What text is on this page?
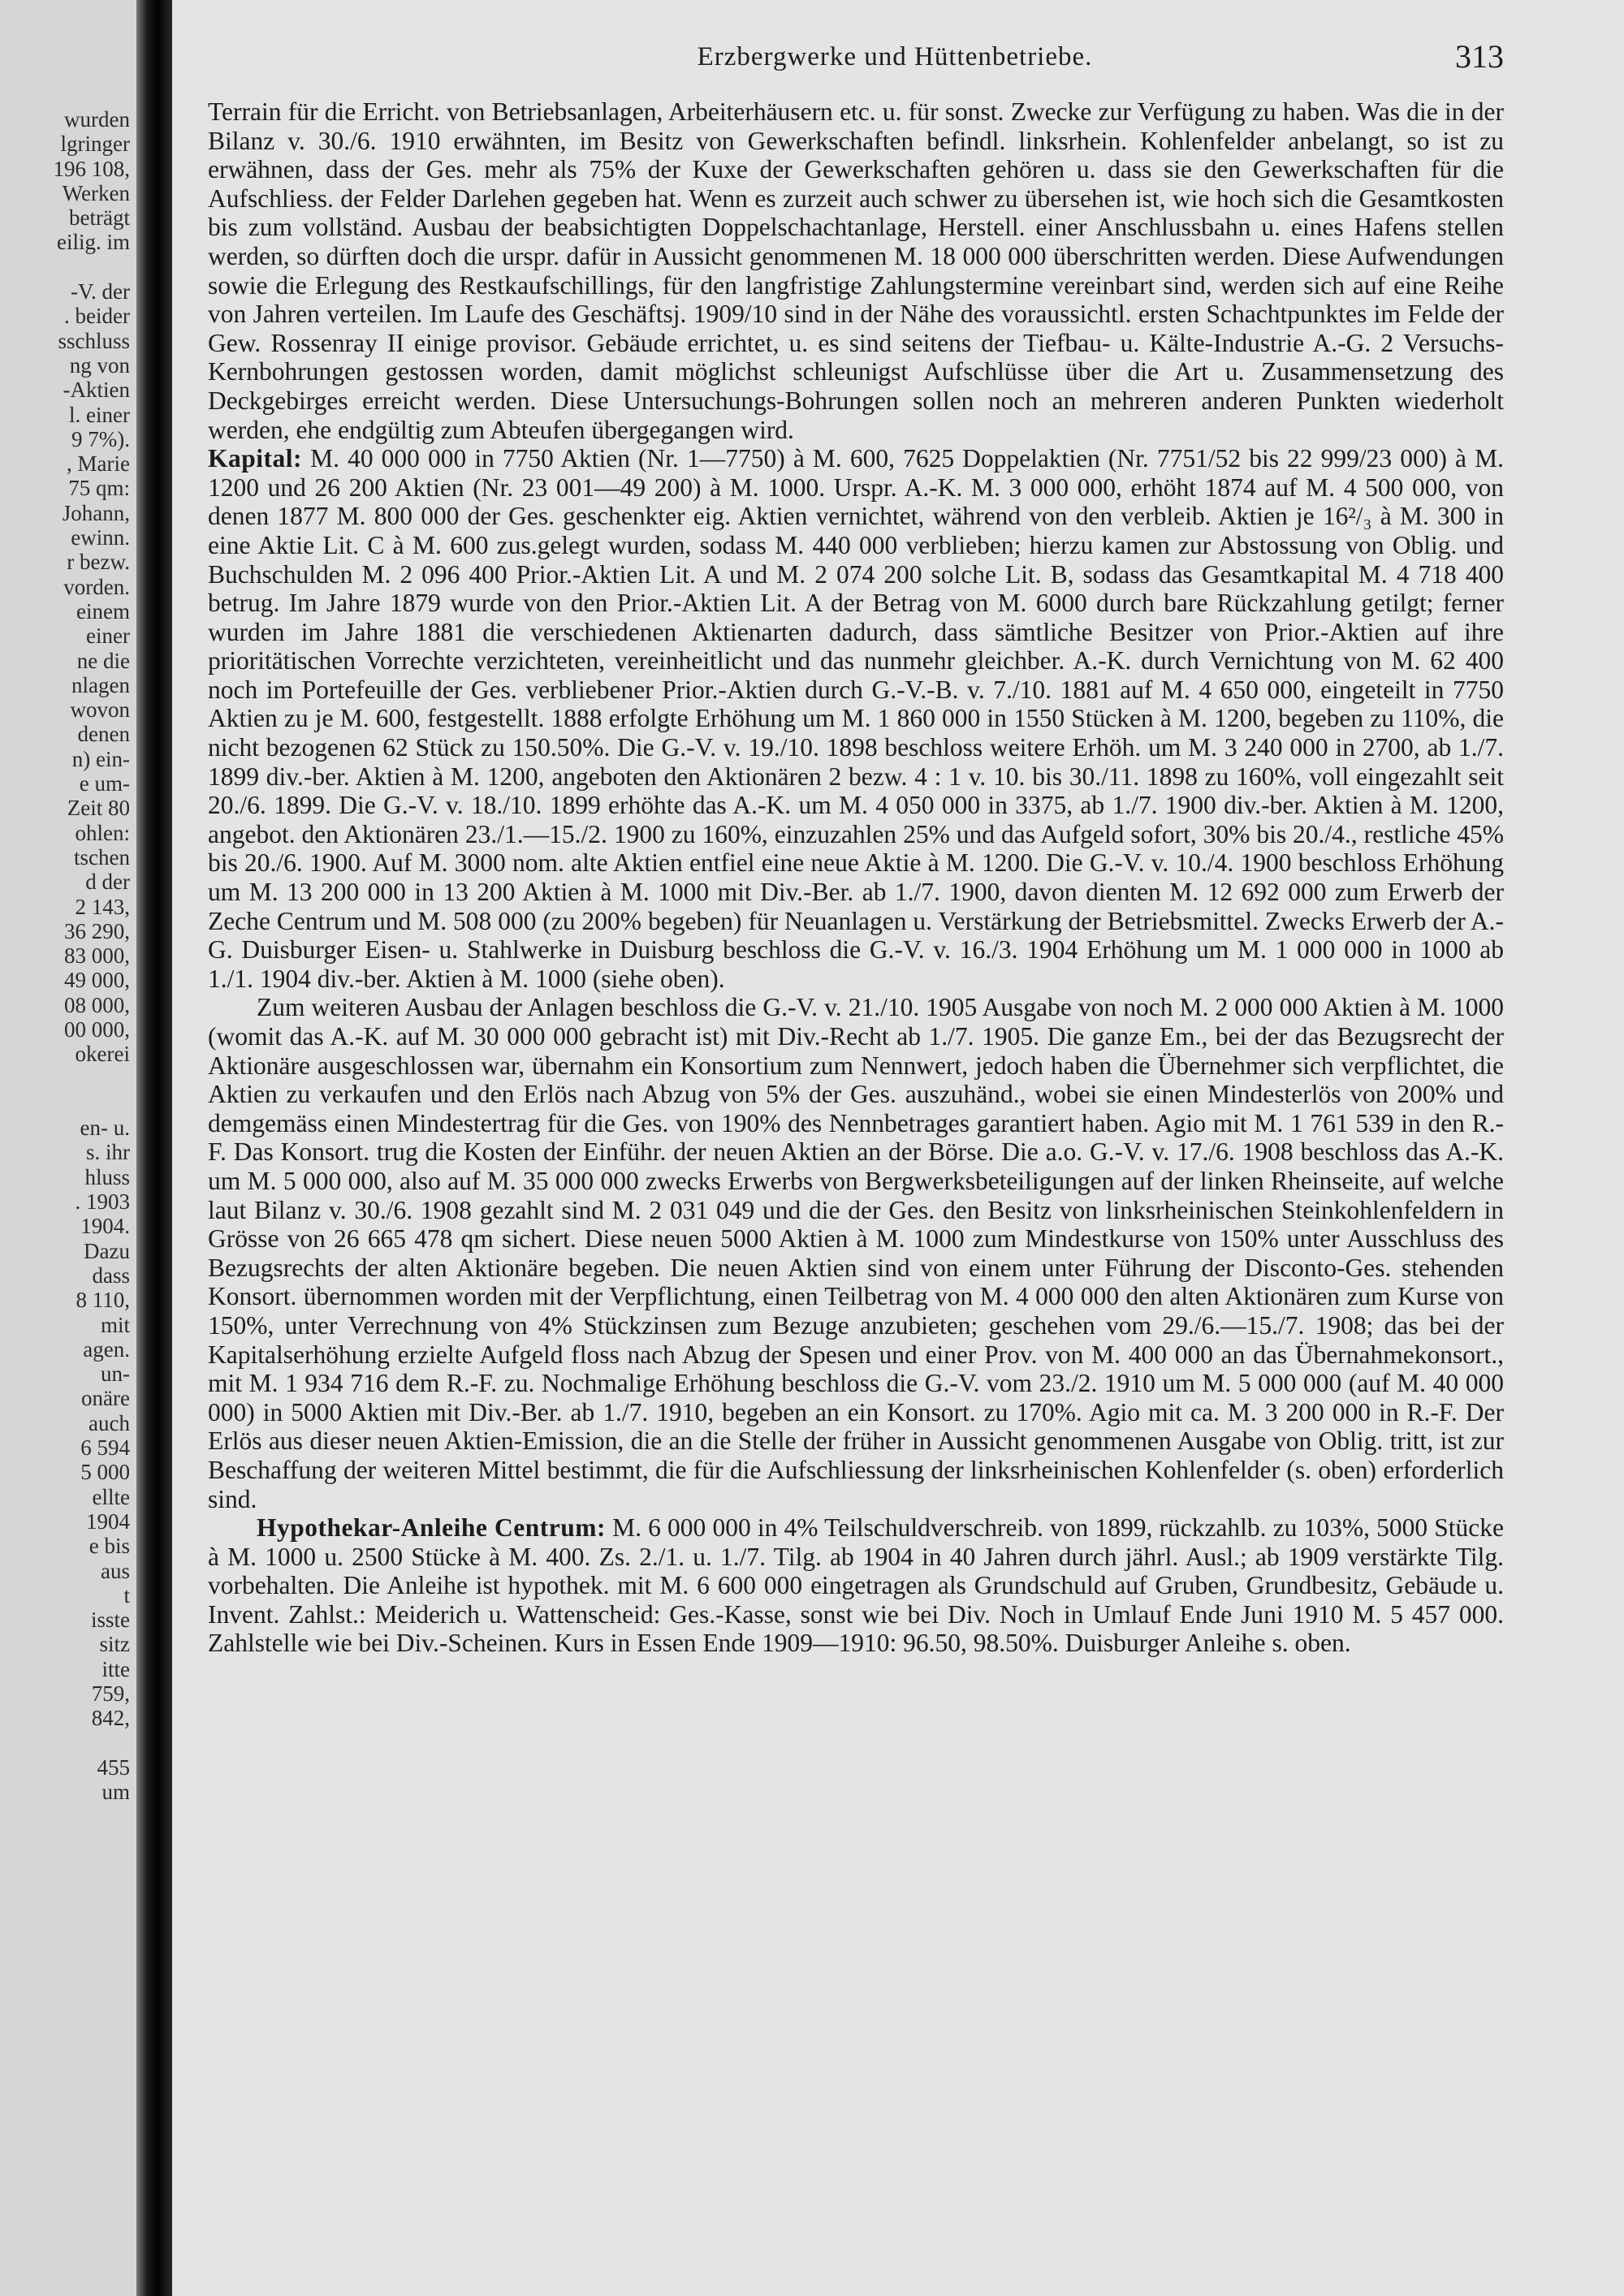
wurden
lgringer
196 108,
Werken
beträgt
eilig. im
-V. der
. beider
sschluss
ng von
-Aktien
l. einer
9 7%).
, Marie
75 qm:
Johann,
ewinn.
r bezw.
vorden.
einem
einer
ne die
nlagen
wovon
denen
n) ein-
e um-
Zeit 80
ohlen:
tschen
d der
2 143,
36 290,
83 000,
49 000,
08 000,
00 000,
okerei
en- u.
s. ihr
hluss
. 1903
1904.
Dazu
dass
8 110,
mit
agen.
un-
onäre
auch
6 594
5 000
ellte
1904
e bis
aus
t
isste
sitz
itte
759,
842,
455
um
Erzbergwerke und Hüttenbetriebe.	313

Terrain für die Erricht. von Betriebsanlagen, Arbeiterhäusern etc. u. für sonst. Zwecke zur Verfügung zu haben. Was die in der Bilanz v. 30./6. 1910 erwähnten, im Besitz von Gewerkschaften befindl. linksrhein. Kohlenfelder anbelangt, so ist zu erwähnen, dass der Ges. mehr als 75% der Kuxe der Gewerkschaften gehören u. dass sie den Gewerkschaften für die Aufschliess. der Felder Darlehen gegeben hat. Wenn es zurzeit auch schwer zu übersehen ist, wie hoch sich die Gesamtkosten bis zum vollständ. Ausbau der beabsichtigten Doppelschachtanlage, Herstell. einer Anschlussbahn u. eines Hafens stellen werden, so dürften doch die urspr. dafür in Aussicht genommenen M. 18 000 000 überschritten werden. Diese Aufwendungen sowie die Erlegung des Restkaufschillings, für den langfristige Zahlungstermine vereinbart sind, werden sich auf eine Reihe von Jahren verteilen. Im Laufe des Geschäftsj. 1909/10 sind in der Nähe des voraussichtl. ersten Schachtpunktes im Felde der Gew. Rossenray II einige provisor. Gebäude errichtet, u. es sind seitens der Tiefbau- u. Kälte-Industrie A.-G. 2 Versuchs-Kernbohrungen gestossen worden, damit möglichst schleunigst Aufschlüsse über die Art u. Zusammensetzung des Deckgebirges erreicht werden. Diese Untersuchungs-Bohrungen sollen noch an mehreren anderen Punkten wiederholt werden, ehe endgültig zum Abteufen übergegangen wird.

Kapital: M. 40 000 000 in 7750 Aktien (Nr. 1—7750) à M. 600, 7625 Doppelaktien (Nr. 7751/52 bis 22 999/23 000) à M. 1200 und 26 200 Aktien (Nr. 23 001—49 200) à M. 1000. Urspr. A.-K. M. 3 000 000, erhöht 1874 auf M. 4 500 000, von denen 1877 M. 800 000 der Ges. geschenkter eig. Aktien vernichtet, während von den verbleib. Aktien je 16²/₃ à M. 300 in eine Aktie Lit. C à M. 600 zus.gelegt wurden, sodass M. 440 000 verblieben; hierzu kamen zur Abstossung von Oblig. und Buchschulden M. 2 096 400 Prior.-Aktien Lit. A und M. 2 074 200 solche Lit. B, sodass das Gesamtkapital M. 4 718 400 betrug. Im Jahre 1879 wurde von den Prior.-Aktien Lit. A der Betrag von M. 6000 durch bare Rückzahlung getilgt; ferner wurden im Jahre 1881 die verschiedenen Aktienarten dadurch, dass sämtliche Besitzer von Prior.-Aktien auf ihre prioritätischen Vorrechte verzichteten, vereinheitlicht und das nunmehr gleichber. A.-K. durch Vernichtung von M. 62 400 noch im Portefeuille der Ges. verbliebener Prior.-Aktien durch G.-V.-B. v. 7./10. 1881 auf M. 4 650 000, eingeteilt in 7750 Aktien zu je M. 600, festgestellt. 1888 erfolgte Erhöhung um M. 1 860 000 in 1550 Stücken à M. 1200, begeben zu 110%, die nicht bezogenen 62 Stück zu 150.50%. Die G.-V. v. 19./10. 1898 beschloss weitere Erhöh. um M. 3 240 000 in 2700, ab 1./7. 1899 div.-ber. Aktien à M. 1200, angeboten den Aktionären 2 bezw. 4 : 1 v. 10. bis 30./11. 1898 zu 160%, voll eingezahlt seit 20./6. 1899. Die G.-V. v. 18./10. 1899 erhöhte das A.-K. um M. 4 050 000 in 3375, ab 1./7. 1900 div.-ber. Aktien à M. 1200, angebot. den Aktionären 23./1.—15./2. 1900 zu 160%, einzuzahlen 25% und das Aufgeld sofort, 30% bis 20./4., restliche 45% bis 20./6. 1900. Auf M. 3000 nom. alte Aktien entfiel eine neue Aktie à M. 1200. Die G.-V. v. 10./4. 1900 beschloss Erhöhung um M. 13 200 000 in 13 200 Aktien à M. 1000 mit Div.-Ber. ab 1./7. 1900, davon dienten M. 12 692 000 zum Erwerb der Zeche Centrum und M. 508 000 (zu 200% begeben) für Neuanlagen u. Verstärkung der Betriebsmittel. Zwecks Erwerb der A.-G. Duisburger Eisen- u. Stahlwerke in Duisburg beschloss die G.-V. v. 16./3. 1904 Erhöhung um M. 1 000 000 in 1000 ab 1./1. 1904 div.-ber. Aktien à M. 1000 (siehe oben).

Zum weiteren Ausbau der Anlagen beschloss die G.-V. v. 21./10. 1905 Ausgabe von noch M. 2 000 000 Aktien à M. 1000 (womit das A.-K. auf M. 30 000 000 gebracht ist) mit Div.-Recht ab 1./7. 1905. Die ganze Em., bei der das Bezugsrecht der Aktionäre ausgeschlossen war, übernahm ein Konsortium zum Nennwert, jedoch haben die Übernehmer sich verpflichtet, die Aktien zu verkaufen und den Erlös nach Abzug von 5% der Ges. auszuhänd., wobei sie einen Mindesterlös von 200% und demgemäss einen Mindestertrag für die Ges. von 190% des Nennbetrages garantiert haben. Agio mit M. 1 761 539 in den R.-F. Das Konsort. trug die Kosten der Einführ. der neuen Aktien an der Börse. Die a.o. G.-V. v. 17./6. 1908 beschloss das A.-K. um M. 5 000 000, also auf M. 35 000 000 zwecks Erwerbs von Bergwerksbeteiligungen auf der linken Rheinseite, auf welche laut Bilanz v. 30./6. 1908 gezahlt sind M. 2 031 049 und die der Ges. den Besitz von linksrheinischen Steinkohlenfeldern in Grösse von 26 665 478 qm sichert. Diese neuen 5000 Aktien à M. 1000 zum Mindestkurse von 150% unter Ausschluss des Bezugsrechts der alten Aktionäre begeben. Die neuen Aktien sind von einem unter Führung der Disconto-Ges. stehenden Konsort. übernommen worden mit der Verpflichtung, einen Teilbetrag von M. 4 000 000 den alten Aktionären zum Kurse von 150%, unter Verrechnung von 4% Stückzinsen zum Bezuge anzubieten; geschehen vom 29./6.—15./7. 1908; das bei der Kapitalserhöhung erzielte Aufgeld floss nach Abzug der Spesen und einer Prov. von M. 400 000 an das Übernahmekonsort., mit M. 1 934 716 dem R.-F. zu. Nochmalige Erhöhung beschloss die G.-V. vom 23./2. 1910 um M. 5 000 000 (auf M. 40 000 000) in 5000 Aktien mit Div.-Ber. ab 1./7. 1910, begeben an ein Konsort. zu 170%. Agio mit ca. M. 3 200 000 in R.-F. Der Erlös aus dieser neuen Aktien-Emission, die an die Stelle der früher in Aussicht genommenen Ausgabe von Oblig. tritt, ist zur Beschaffung der weiteren Mittel bestimmt, die für die Aufschliessung der linksrheinischen Kohlenfelder (s. oben) erforderlich sind.

Hypothekar-Anleihe Centrum: M. 6 000 000 in 4% Teilschuldverschreib. von 1899, rückzahlb. zu 103%, 5000 Stücke à M. 1000 u. 2500 Stücke à M. 400. Zs. 2./1. u. 1./7. Tilg. ab 1904 in 40 Jahren durch jährl. Ausl.; ab 1909 verstärkte Tilg. vorbehalten. Die Anleihe ist hypothek. mit M. 6 600 000 eingetragen als Grundschuld auf Gruben, Grundbesitz, Gebäude u. Invent. Zahlst.: Meiderich u. Wattenscheid: Ges.-Kasse, sonst wie bei Div. Noch in Umlauf Ende Juni 1910 M. 5 457 000. Zahlstelle wie bei Div.-Scheinen. Kurs in Essen Ende 1909—1910: 96.50, 98.50%. Duisburger Anleihe s. oben.
